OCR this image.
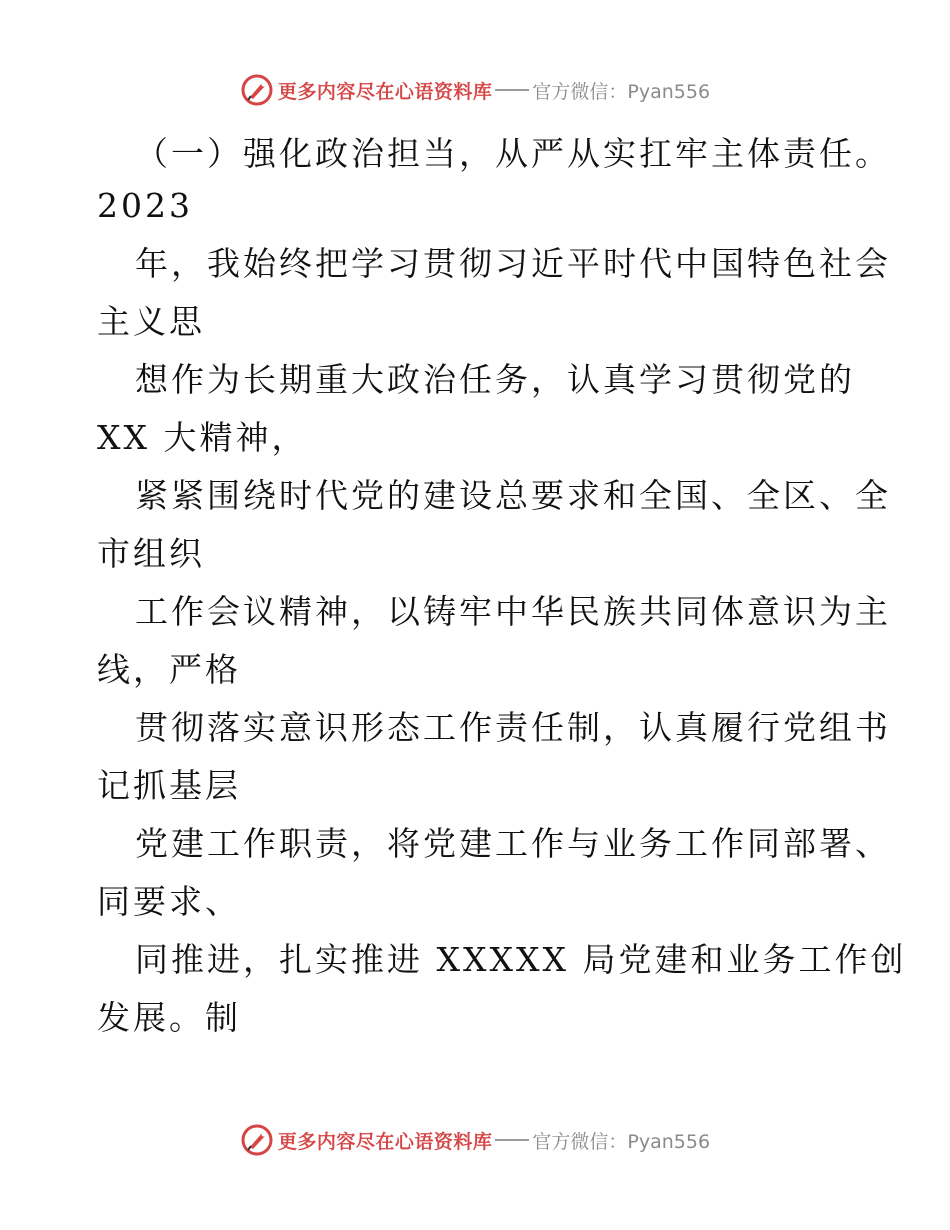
更多内容尽在心语资料库 官方微信：Pyan556
（一）强化政治担当，从严从实扛牢主体责任。
2023
年，我始终把学习贯彻习近平时代中国特色社会
主义思
想作为长期重大政治任务，认真学习贯彻党的
XX 大精神，
紧紧围绕时代党的建设总要求和全国、全区、全
市组织
工作会议精神，以铸牢中华民族共同体意识为主
线，严格
贯彻落实意识形态工作责任制，认真履行党组书
记抓基层
党建工作职责，将党建工作与业务工作同部署、
同要求、
同推进，扎实推进 XXXXX 局党建和业务工作创
发展。制
更多内容尽在心语资料库 官方微信：Pyan556
